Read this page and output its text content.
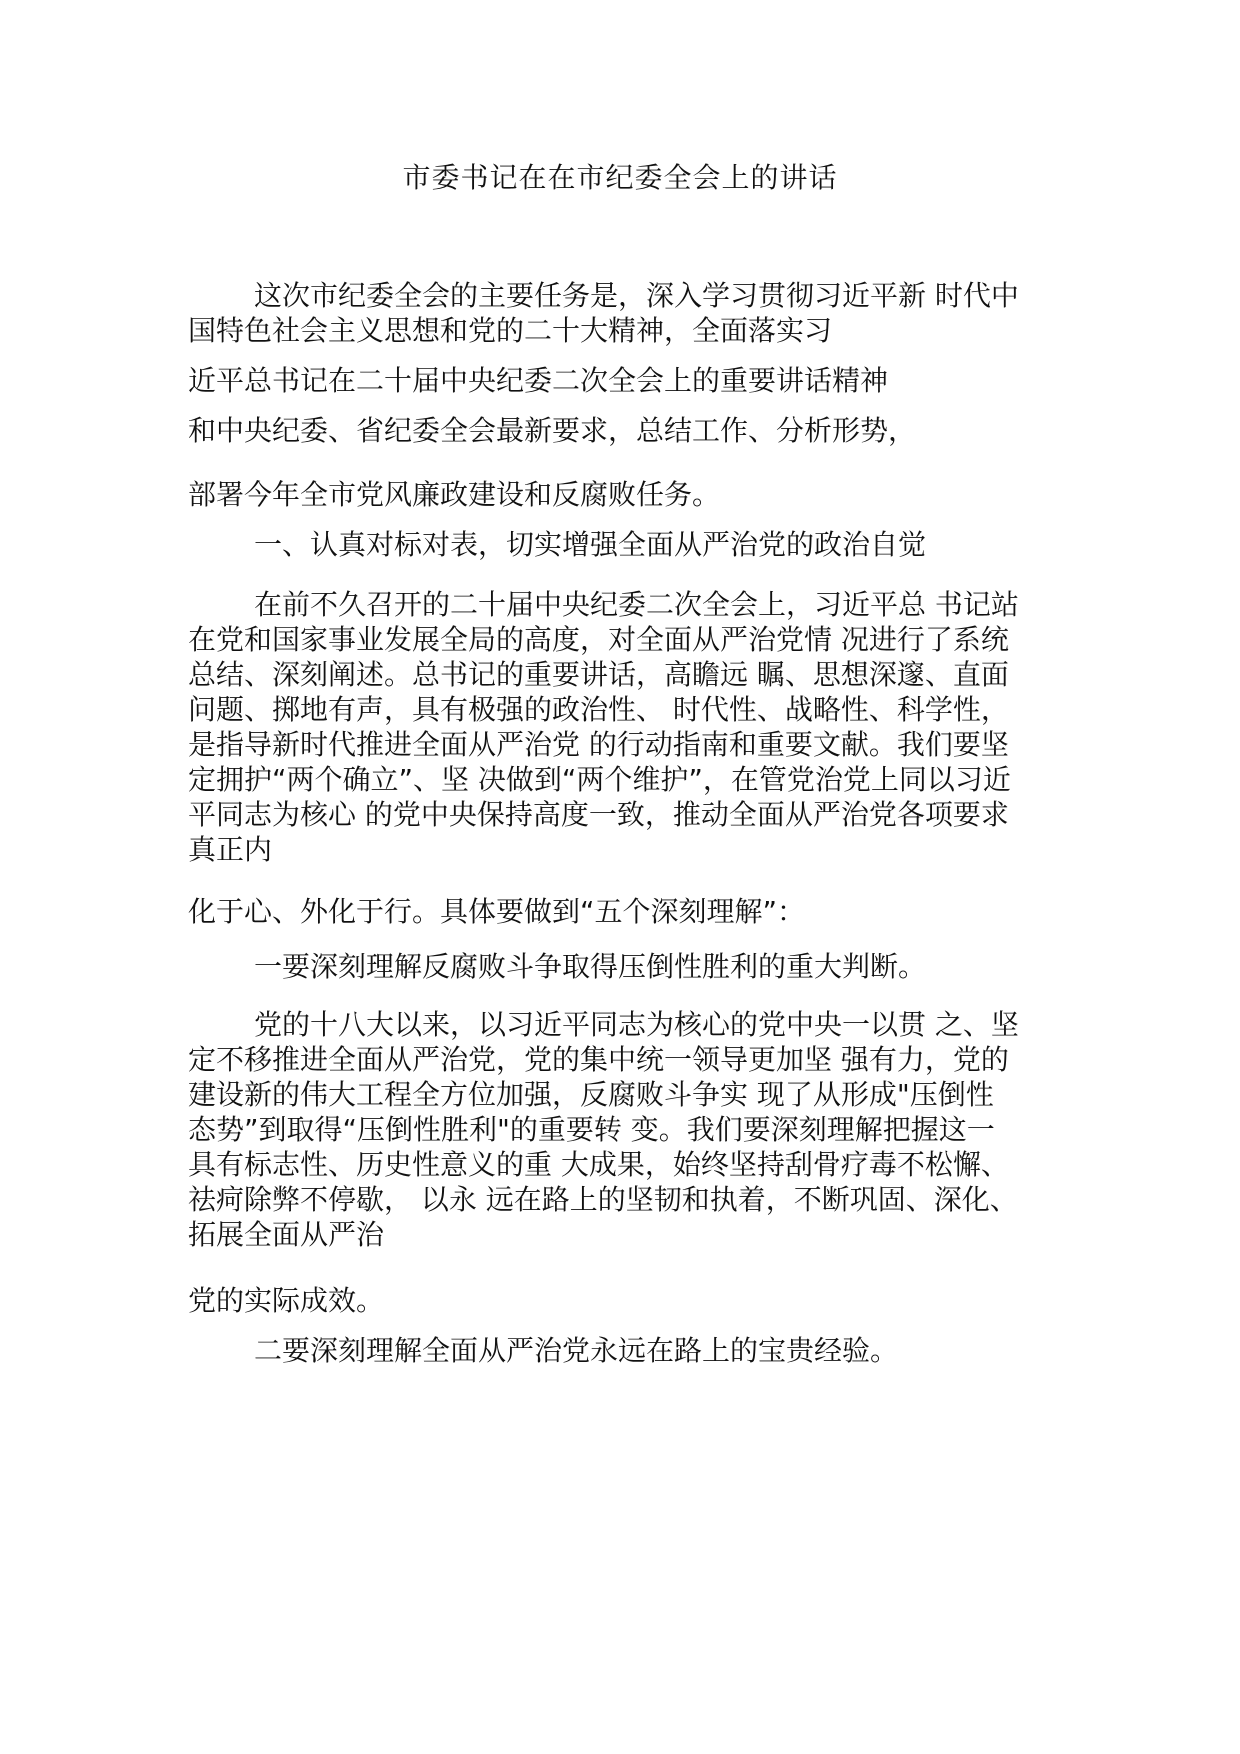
市委书记在在市纪委全会上的讲话

这次市纪委全会的主要任务是，深入学习贯彻习近平新 时代中

国特色社会主义思想和党的二十大精神，全面落实习

近平总书记在二十届中央纪委二次全会上的重要讲话精神

和中央纪委、省纪委全会最新要求，总结工作、分析形势，

部署今年全市党风廉政建设和反腐败任务。

一、认真对标对表，切实增强全面从严治党的政治自觉

在前不久召开的二十届中央纪委二次全会上，习近平总 书记站

在党和国家事业发展全局的高度，对全面从严治党情 况进行了系统

总结、深刻阐述。总书记的重要讲话，高瞻远 瞩、思想深邃、直面

问题、掷地有声，具有极强的政治性、 时代性、战略性、科学性，

是指导新时代推进全面从严治党 的行动指南和重要文献。我们要坚

定拥护“两个确立”、坚 决做到“两个维护”，在管党治党上同以习近

平同志为核心 的党中央保持高度一致，推动全面从严治党各项要求

真正内

化于心、外化于行。具体要做到“五个深刻理解”：

一要深刻理解反腐败斗争取得压倒性胜利的重大判断。

党的十八大以来，以习近平同志为核心的党中央一以贯 之、坚

定不移推进全面从严治党，党的集中统一领导更加坚 强有力，党的

建设新的伟大工程全方位加强，反腐败斗争实 现了从形成"压倒性

态势”到取得“压倒性胜利"的重要转 变。我们要深刻理解把握这一

具有标志性、历史性意义的重 大成果，始终坚持刮骨疗毒不松懈、

祛疴除弊不停歇， 以永 远在路上的坚韧和执着，不断巩固、深化、

拓展全面从严治

党的实际成效。

二要深刻理解全面从严治党永远在路上的宝贵经验。
